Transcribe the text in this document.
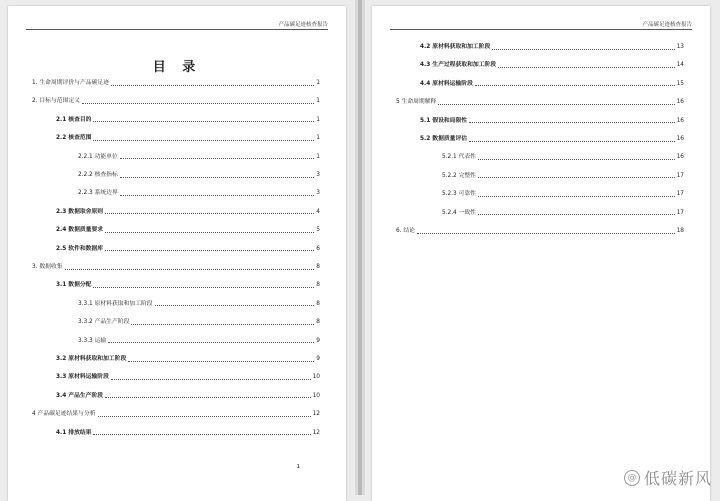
产品碳足迹核查报告
目 录
1. 生命周期评价与产品碳足迹	1
2. 目标与范围定义	1
2.1 核查目的	1
2.2 核查范围	1
2.2.1 功能单位	1
2.2.2 核查指标	3
2.2.3 系统边界	3
2.3 数据取舍原则	4
2.4 数据质量要求	5
2.5 软件和数据库	6
3. 数据收集	8
3.1 数据分配	8
3.3.1 原材料获取和加工阶段	8
3.3.2 产品生产阶段	8
3.3.3 运输	9
3.2 原材料获取和加工阶段	9
3.3 原材料运输阶段	10
3.4 产品生产阶段	10
4 产品碳足迹结果与分析	12
4.1 排放结果	12
1
产品碳足迹核查报告
4.2 原材料获取和加工阶段	13
4.3 生产过程获取和加工阶段	14
4.4 原材料运输阶段	15
5 生命周期解释	16
5.1 假设和局限性	16
5.2 数据质量评估	16
5.2.1 代表性	16
5.2.2 完整性	17
5.2.3 可靠性	17
5.2.4 一致性	17
6. 结论	18
@ 低碳新风
